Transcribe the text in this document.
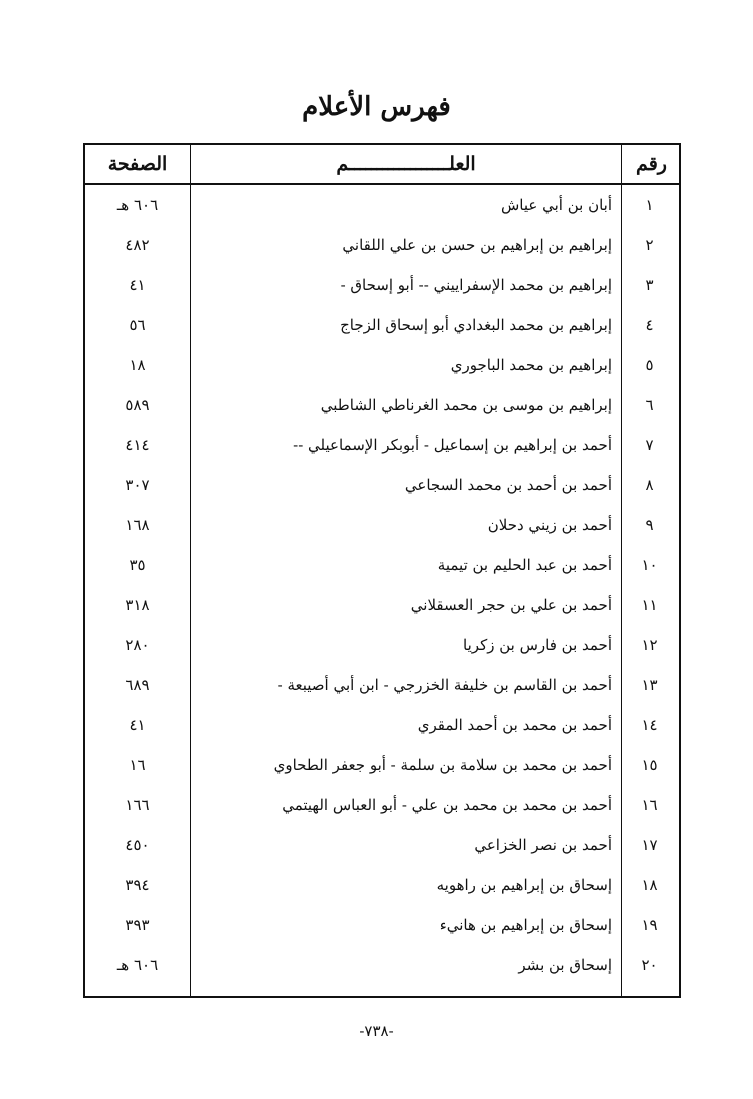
فهرس الأعلام
الصفحة	العلــــــــــــــــــم	رقم
١
أبان بن أبي عياش
٦٠٦ هـ
٢
إبراهيم بن إبراهيم بن حسن بن علي اللقاني
٤٨٢
٣
إبراهيم بن محمد الإسفراييني -- أبو إسحاق -
٤١
٤
إبراهيم بن محمد البغدادي أبو إسحاق الزجاج
٥٦
٥
إبراهيم بن محمد الباجوري
١٨
٦
إبراهيم بن موسى بن محمد الغرناطي الشاطبي
٥٨٩
٧
أحمد بن إبراهيم بن إسماعيل - أبوبكر الإسماعيلي --
٤١٤
٨
أحمد بن أحمد بن محمد السجاعي
٣٠٧
٩
أحمد بن زيني دحلان
١٦٨
١٠
أحمد بن عبد الحليم بن تيمية
٣٥
١١
أحمد بن علي بن حجر العسقلاني
٣١٨
١٢
أحمد بن فارس بن زكريا
٢٨٠
١٣
أحمد بن القاسم بن خليفة الخزرجي - ابن أبي أصيبعة -
٦٨٩
١٤
أحمد بن محمد بن أحمد المقري
٤١
١٥
أحمد بن محمد بن سلامة بن سلمة - أبو جعفر الطحاوي
١٦
١٦
أحمد بن محمد بن محمد بن علي - أبو العباس الهيتمي
١٦٦
١٧
أحمد بن نصر الخزاعي
٤٥٠
١٨
إسحاق بن إبراهيم بن راهويه
٣٩٤
١٩
إسحاق بن إبراهيم بن هانيء
٣٩٣
٢٠
إسحاق بن بشر
٦٠٦ هـ
-٧٣٨-
